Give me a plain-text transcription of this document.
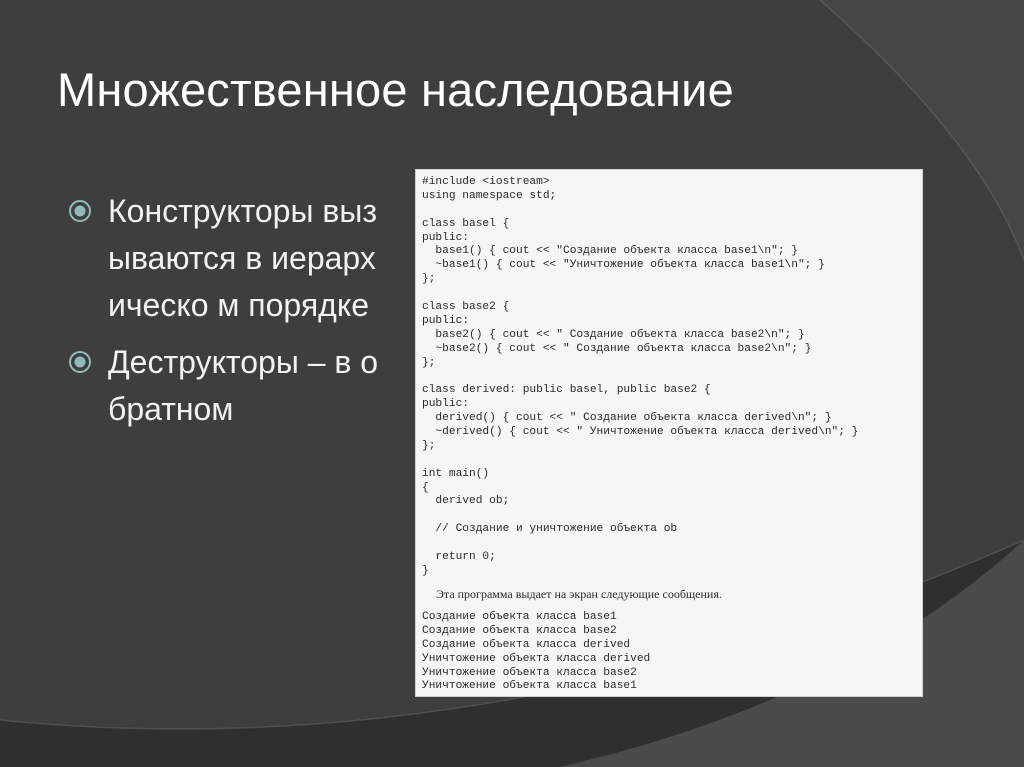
Множественное наследование
Конструкторы вызываются в иерархическо м порядке
Деструкторы – в обратном
#include <iostream>
using namespace std;
class basel {
public:
base1() { cout << "Создание объекта класса base1\n"; }
~base1() { cout << "Уничтожение объекта класса base1\n"; }
};
class base2 {
public:
base2() { cout << " Создание объекта класса base2\n"; }
~base2() { cout << " Создание объекта класса base2\n"; }
};
class derived: public basel, public base2 {
public:
derived() { cout << " Создание объекта класса derived\n"; }
~derived() { cout << " Уничтожение объекта класса derived\n"; }
};
int main()
{
derived ob;
// Создание и уничтожение объекта ob
return 0;
}
Эта программа выдает на экран следующие сообщения.
Создание объекта класса base1
Создание объекта класса base2
Создание объекта класса derived
Уничтожение объекта класса derived
Уничтожение объекта класса base2
Уничтожение объекта класса base1
